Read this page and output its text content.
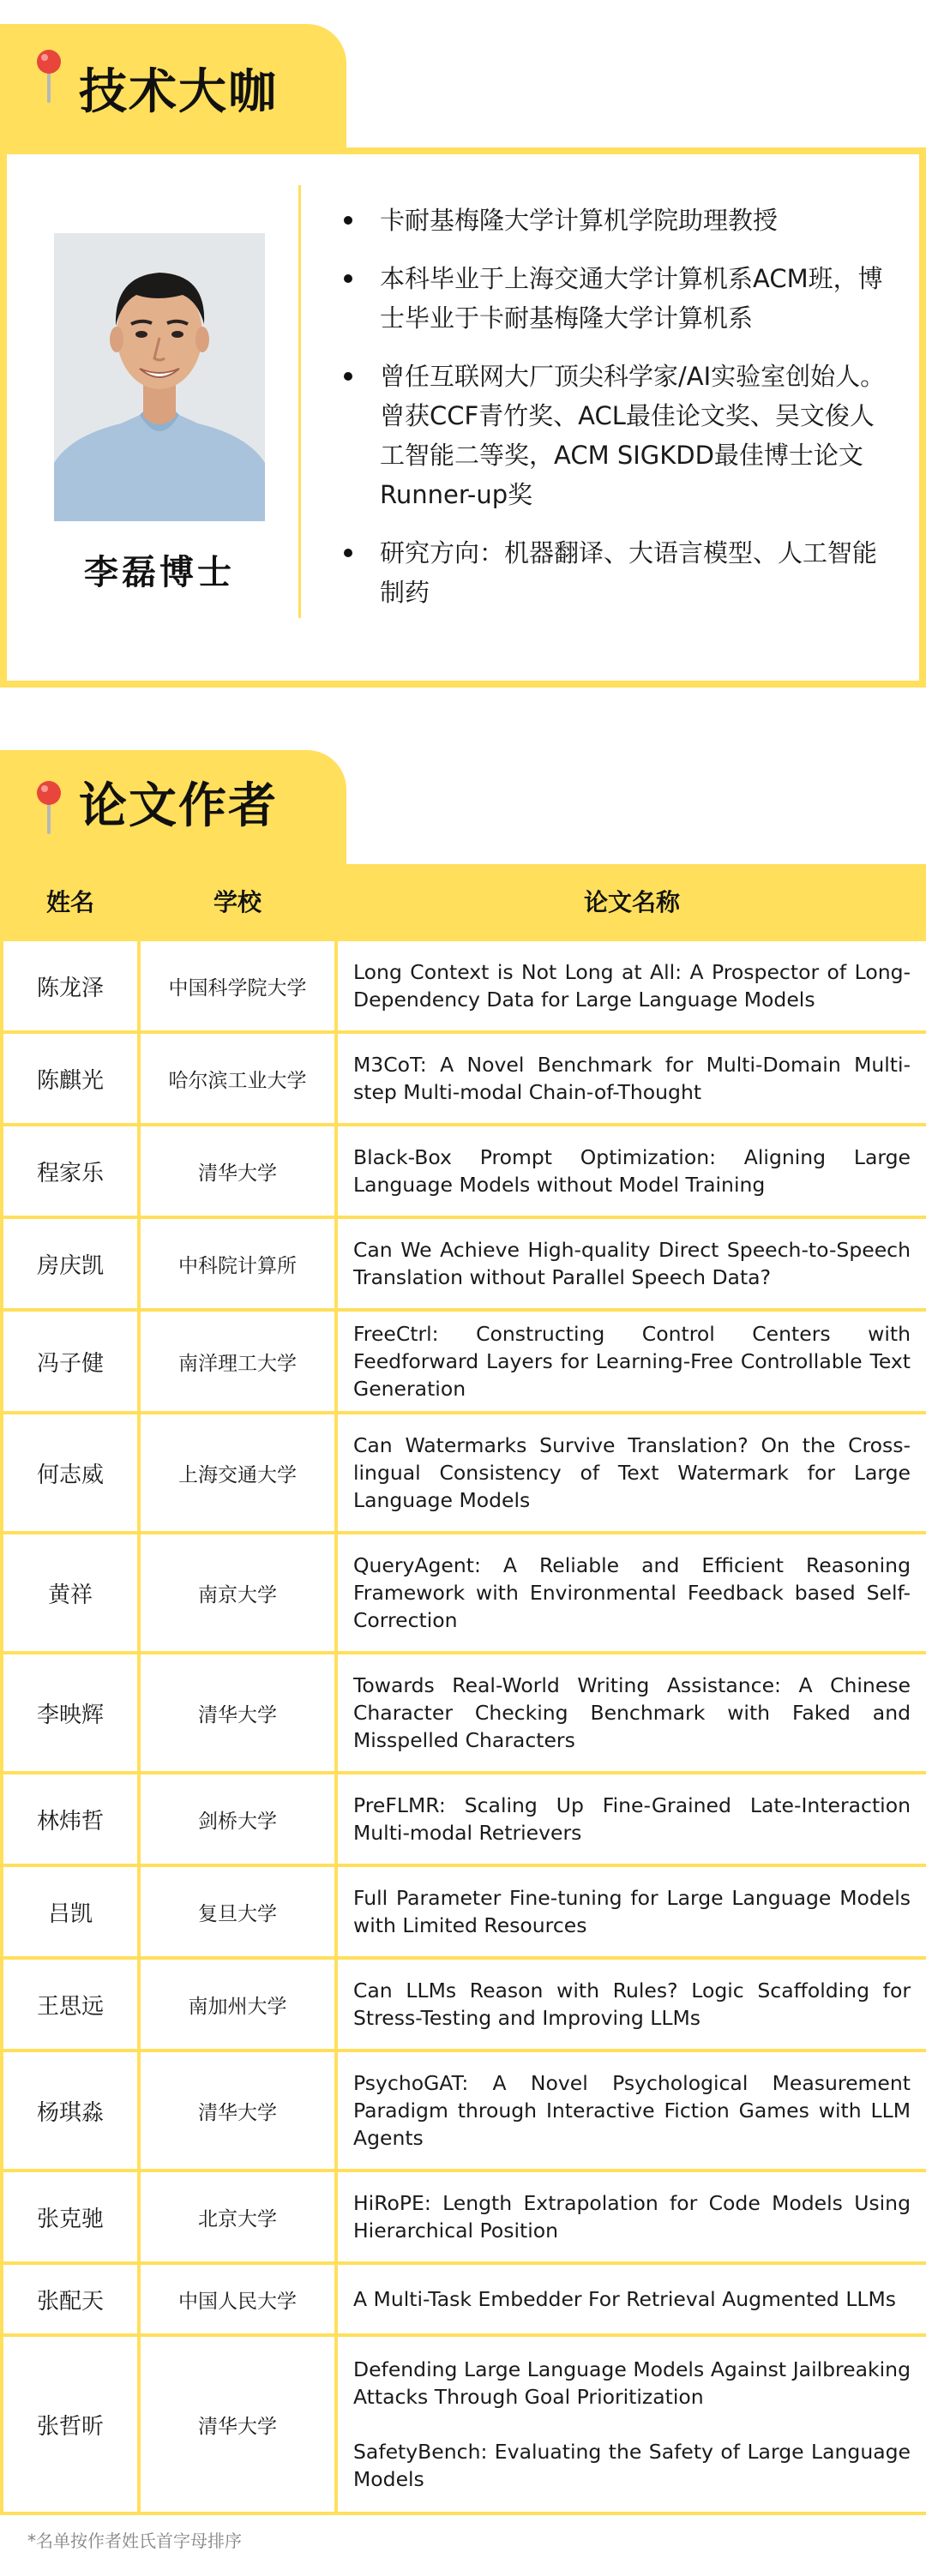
技术大咖
李磊博士
卡耐基梅隆大学计算机学院助理教授
本科毕业于上海交通大学计算机系ACM班，博士毕业于卡耐基梅隆大学计算机系
曾任互联网大厂顶尖科学家/AI实验室创始人。曾获CCF青竹奖、ACL最佳论文奖、吴文俊人工智能二等奖，ACM SIGKDD最佳博士论文Runner-up奖
研究方向：机器翻译、大语言模型、人工智能制药
论文作者
姓名	学校	论文名称
陈龙泽	中国科学院大学	Long Context is Not Long at All: A Prospector of Long-Dependency Data for Large Language Models

陈麒光	哈尔滨工业大学	M3CoT: A Novel Benchmark for Multi-Domain Multi-step Multi-modal Chain-of-Thought

程家乐	清华大学	Black-Box Prompt Optimization: Aligning Large Language Models without Model Training

房庆凯	中科院计算所	Can We Achieve High-quality Direct Speech-to-Speech Translation without Parallel Speech Data?

冯子健	南洋理工大学	FreeCtrl: Constructing Control Centers with Feedforward Layers for Learning-Free Controllable Text Generation

何志威	上海交通大学	Can Watermarks Survive Translation? On the Cross-lingual Consistency of Text Watermark for Large Language Models

黄祥	南京大学	QueryAgent: A Reliable and Efficient Reasoning Framework with Environmental Feedback based Self-Correction

李映辉	清华大学	Towards Real-World Writing Assistance: A Chinese Character Checking Benchmark with Faked and Misspelled Characters

林炜哲	剑桥大学	PreFLMR: Scaling Up Fine-Grained Late-Interaction Multi-modal Retrievers

吕凯	复旦大学	Full Parameter Fine-tuning for Large Language Models with Limited Resources

王思远	南加州大学	Can LLMs Reason with Rules? Logic Scaffolding for Stress-Testing and Improving LLMs

杨琪淼	清华大学	PsychoGAT: A Novel Psychological Measurement Paradigm through Interactive Fiction Games with LLM Agents

张克驰	北京大学	HiRoPE: Length Extrapolation for Code Models Using Hierarchical Position

张配天	中国人民大学	A Multi-Task Embedder For Retrieval Augmented LLMs

张哲昕	清华大学	Defending Large Language Models Against Jailbreaking Attacks Through Goal Prioritization
SafetyBench: Evaluating the Safety of Large Language Models
*名单按作者姓氏首字母排序
